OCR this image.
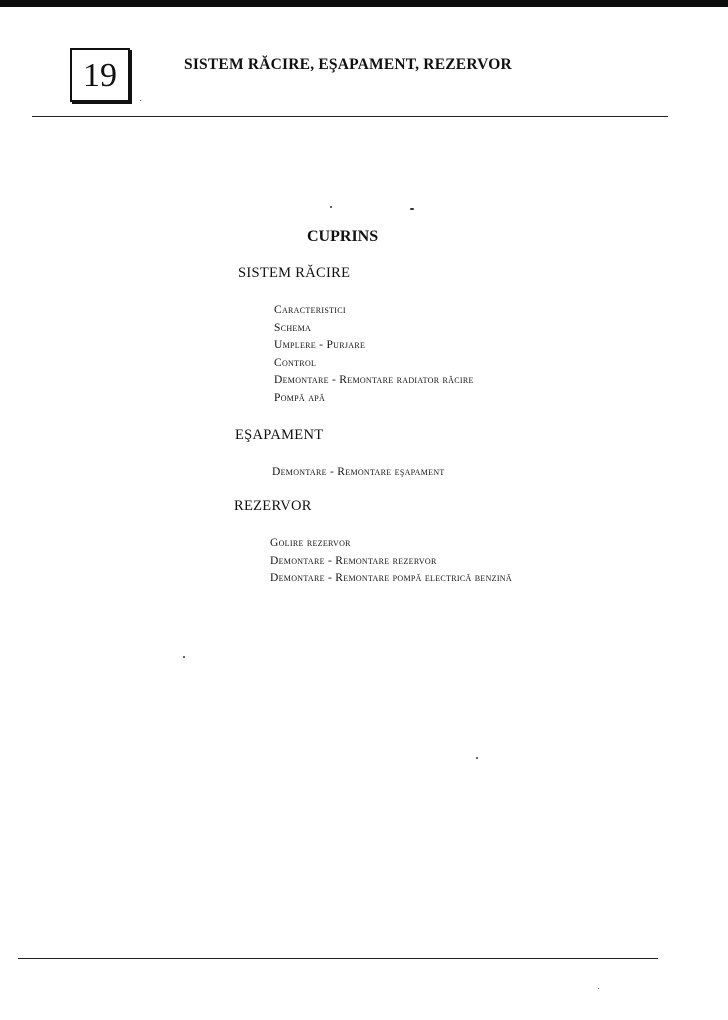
19	SISTEM RĂCIRE, EŞAPAMENT, REZERVOR
CUPRINS
SISTEM RĂCIRE
Caracteristici
Schema
Umplere - Purjare
Control
Demontare - Remontare radiator răcire
Pompă apă
EŞAPAMENT
Demontare - Remontare eşapament
REZERVOR
Golire rezervor
Demontare - Remontare rezervor
Demontare - Remontare pompă electrică benzină
